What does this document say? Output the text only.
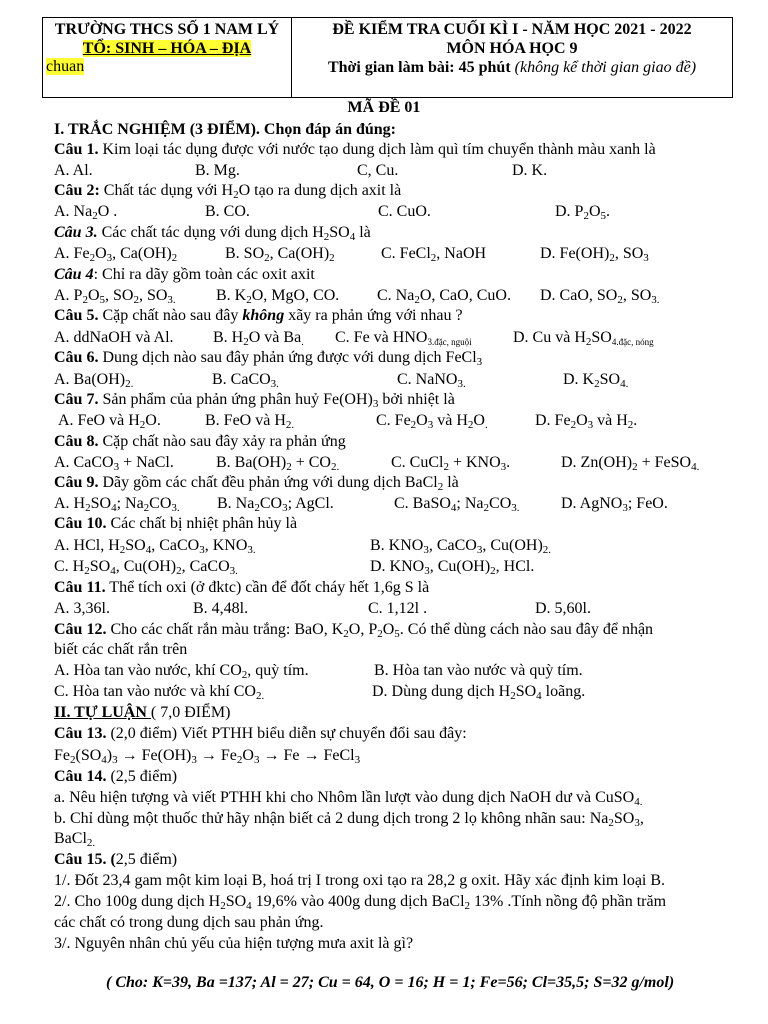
TRƯỜNG THCS SỐ 1 NAM LÝ
TỔ: SINH – HÓA – ĐỊA
chuan
ĐỀ KIỂM TRA CUỐI KÌ I - NĂM HỌC 2021 - 2022
MÔN HÓA HỌC 9
Thời gian làm bài: 45 phút (không kể thời gian giao đề)
MÃ ĐỀ 01
I. TRẮC NGHIỆM (3 ĐIỂM). Chọn đáp án đúng:
Câu 1. Kim loại tác dụng được với nước tạo dung dịch làm quì tím chuyển thành màu xanh là
A. Al.	B. Mg.	C, Cu.	D. K.
Câu 2: Chất tác dụng với $H_2O$ tạo ra dung dịch axit là
A. $Na_2O$ .	B. CO.	C. CuO.	D. $P_2O_5$.
Câu 3. Các chất tác dụng với dung dịch $H_2SO_4$ là
A. $Fe_2O_3$, $Ca(OH)_2$	B. $SO_2$, $Ca(OH)_2$	C. FeCl$_2$, NaOH	D. $Fe(OH)_2$, $SO_3$
Câu 4: Chỉ ra dãy gồm toàn các oxit axit
A. $P_2O_5$, $SO_2$, $SO_{3.}$	B. $K_2O$, MgO, CO. C. $Na_2O$, CaO, CuO. D. CaO, $SO_2$, $SO_{3.}$
Câu 5. Cặp chất nào sau đây không xãy ra phản ứng với nhau ?
A. ddNaOH và Al. B. $H_2O$ và $Ba_.$ C. Fe và $HNO_{3.đặc, nguội}$	D. Cu và $H_2SO_{4.đặc, nóng}$
Câu 6. Dung dịch nào sau đây phản ứng được với dung dịch FeCl$_3$
A. $Ba(OH)_{2.}$	B. CaCO$_{3.}$	C. NaNO$_{3.}$	D. $K_2SO_{4.}$
Câu 7. Sản phẩm của phản ứng phân huỷ $Fe(OH)_3$ bởi nhiệt là
A. FeO và $H_2O$.	B. FeO và $H_{2.}$	C. $Fe_2O_3$ và $H_2O_.$	D. $Fe_2O_3$ và $H_2$.
Câu 8. Cặp chất nào sau đây xảy ra phản ứng
A. CaCO$_3$ + NaCl.	B. $Ba(OH)_2 + CO_{2.}$	C. CuCl$_2$ + $KNO_3$.	D. $Zn(OH)_2$ + FeSO$_{4.}$
Câu 9. Dãy gồm các chất đều phản ứng với dung dịch BaCl$_2$ là
A. $H_2SO_4$; $Na_2CO_{3.}$ B. $Na_2CO_3$; AgCl.	C. BaSO$_4$; $Na_2CO_{3.}$	D. AgNO$_3$; FeO.
Câu 10. Các chất bị nhiệt phân hủy là
A. HCl, $H_2SO_4$, CaCO$_3$, $KNO_{3.}$	B. $KNO_3$, CaCO$_3$, $Cu(OH)_{2.}$
C. $H_2SO_4$, $Cu(OH)_2$, CaCO$_{3.}$	D. $KNO_3$, $Cu(OH)_2$, HCl.
Câu 11. Thể tích oxi (ở đktc) cần để đốt cháy hết 1,6g S là
A. 3,36l.	B. 4,48l.	C. 1,12l .	D. 5,60l.
Câu 12. Cho các chất rắn màu trắng: BaO, $K_2O$, $P_2O_5$. Có thể dùng cách nào sau đây để nhận
biết các chất rắn trên
A. Hòa tan vào nước, khí $CO_2$, quỳ tím.	B. Hòa tan vào nước và quỳ tím.
C. Hòa tan vào nước và khí $CO_{2.}$	D. Dùng dung dịch $H_2SO_4$ loãng.
II. TỰ LUẬN ( 7,0 ĐIỂM)
Câu 13. (2,0 điểm) Viết PTHH biểu diễn sự chuyển đổi sau đây:
$Fe_2(SO_4)_3 \to Fe(OH)_3 \to Fe_2O_3 \to Fe$ → FeCl$_3$
Câu 14. (2,5 điểm)
a. Nêu hiện tượng và viết PTHH khi cho Nhôm lần lượt vào dung dịch NaOH dư và CuSO$_{4.}$
b. Chỉ dùng một thuốc thử hãy nhận biết cả 2 dung dịch trong 2 lọ không nhãn sau: $Na_2SO_3$,
BaCl$_{2.}$
Câu 15. (2,5 điểm)
1/. Đốt 23,4 gam một kim loại B, hoá trị I trong oxi tạo ra 28,2 g oxit. Hãy xác định kim loại B.
2/. Cho 100g dung dịch $H_2SO_4$ 19,6% vào 400g dung dịch BaCl$_2$ 13% .Tính nồng độ phần trăm
các chất có trong dung dịch sau phản ứng.
3/. Nguyên nhân chủ yếu của hiện tượng mưa axit là gì?
( Cho: K=39, Ba =137; Al = 27; Cu = 64, O = 16; H = 1; Fe=56; Cl=35,5; S=32 g/mol)
